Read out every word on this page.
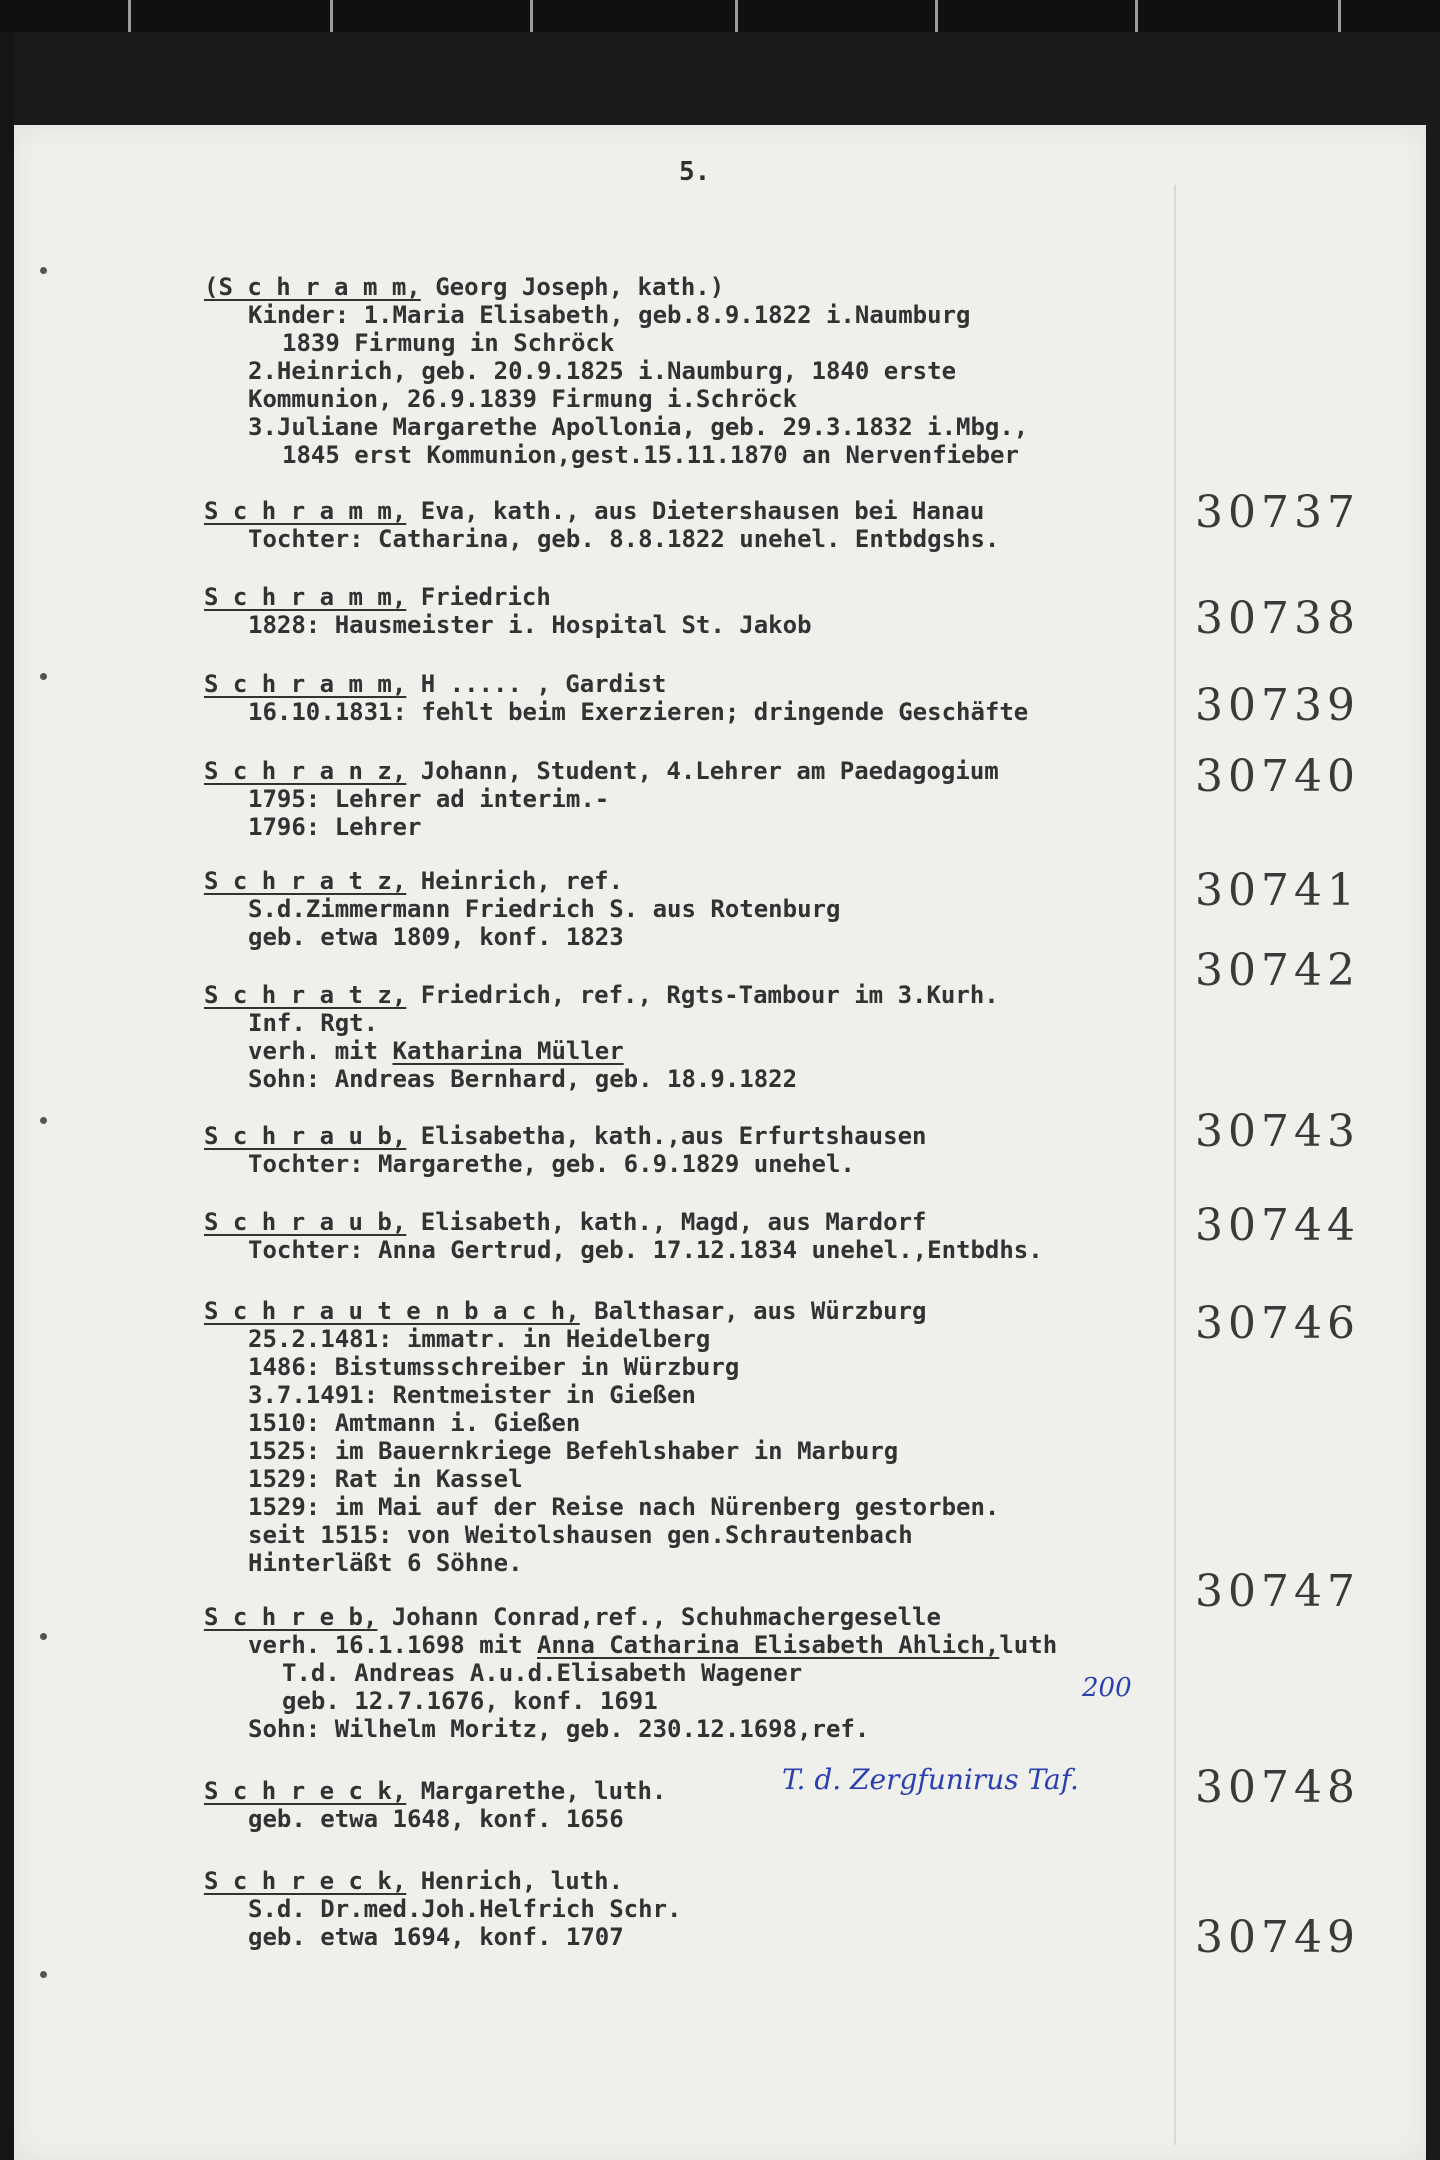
5.
(S c h r a m m, Georg Joseph, kath.)
Kinder: 1.Maria Elisabeth, geb.8.9.1822 i.Naumburg
1839 Firmung in Schröck
2.Heinrich, geb. 20.9.1825 i.Naumburg, 1840 erste
Kommunion, 26.9.1839 Firmung i.Schröck
3.Juliane Margarethe Apollonia, geb. 29.3.1832 i.Mbg.,
1845 erst Kommunion,gest.15.11.1870 an Nervenfieber
S c h r a m m, Eva, kath., aus Dietershausen bei Hanau
Tochter: Catharina, geb. 8.8.1822 unehel. Entbdgshs.
S c h r a m m, Friedrich
1828: Hausmeister i. Hospital St. Jakob
S c h r a m m, H ..... , Gardist
16.10.1831: fehlt beim Exerzieren; dringende Geschäfte
S c h r a n z, Johann, Student, 4.Lehrer am Paedagogium
1795: Lehrer ad interim.-
1796: Lehrer
S c h r a t z, Heinrich, ref.
S.d.Zimmermann Friedrich S. aus Rotenburg
geb. etwa 1809, konf. 1823
S c h r a t z, Friedrich, ref., Rgts-Tambour im 3.Kurh.
Inf. Rgt.
verh. mit Katharina Müller
Sohn: Andreas Bernhard, geb. 18.9.1822
S c h r a u b, Elisabetha, kath.,aus Erfurtshausen
Tochter: Margarethe, geb. 6.9.1829 unehel.
S c h r a u b, Elisabeth, kath., Magd, aus Mardorf
Tochter: Anna Gertrud, geb. 17.12.1834 unehel.,Entbdhs.
S c h r a u t e n b a c h, Balthasar, aus Würzburg
25.2.1481: immatr. in Heidelberg
1486: Bistumsschreiber in Würzburg
3.7.1491: Rentmeister in Gießen
1510: Amtmann i. Gießen
1525: im Bauernkriege Befehlshaber in Marburg
1529: Rat in Kassel
1529: im Mai auf der Reise nach Nürenberg gestorben.
seit 1515: von Weitolshausen gen.Schrautenbach
Hinterläßt 6 Söhne.
S c h r e b, Johann Conrad,ref., Schuhmachergeselle
verh. 16.1.1698 mit Anna Catharina Elisabeth Ahlich,luth
T.d. Andreas A.u.d.Elisabeth Wagener
geb. 12.7.1676, konf. 1691
Sohn: Wilhelm Moritz, geb. 230.12.1698,ref.
S c h r e c k, Margarethe, luth.
geb. etwa 1648, konf. 1656
S c h r e c k, Henrich, luth.
S.d. Dr.med.Joh.Helfrich Schr.
geb. etwa 1694, konf. 1707
200
T. d. Zergfunirus Taf.
30737
30738
30739
30740
30741
30742
30743
30744
30746
30747
30748
30749
